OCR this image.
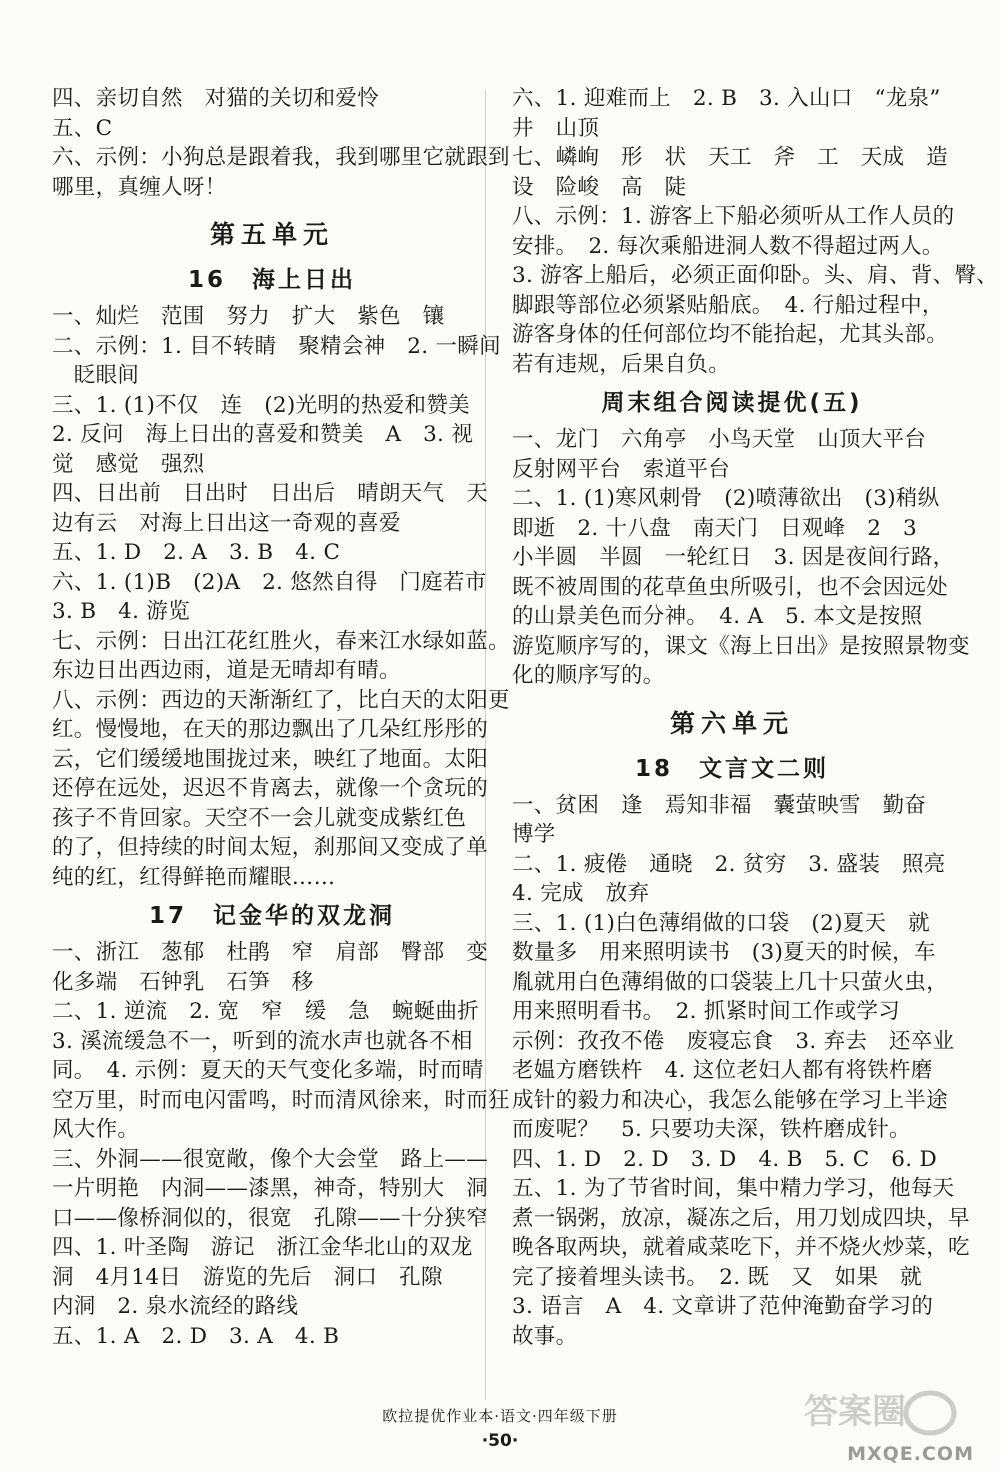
四、亲切自然　对猫的关切和爱怜
五、C
六、示例：小狗总是跟着我，我到哪里它就跟到
哪里，真缠人呀！
第五单元
16　海上日出
一、灿烂　范围　努力　扩大　紫色　镶
二、示例：1. 目不转睛　聚精会神　2. 一瞬间
　眨眼间
三、1. (1)不仅　连　(2)光明的热爱和赞美
2. 反问　海上日出的喜爱和赞美　A　3. 视
觉　感觉　强烈
四、日出前　日出时　日出后　晴朗天气　天
边有云　对海上日出这一奇观的喜爱
五、1. D　2. A　3. B　4. C
六、1. (1)B　(2)A　2. 悠然自得　门庭若市
3. B　4. 游览
七、示例：日出江花红胜火，春来江水绿如蓝。
东边日出西边雨，道是无晴却有晴。
八、示例：西边的天渐渐红了，比白天的太阳更
红。慢慢地，在天的那边飘出了几朵红彤彤的
云，它们缓缓地围拢过来，映红了地面。太阳
还停在远处，迟迟不肯离去，就像一个贪玩的
孩子不肯回家。天空不一会儿就变成紫红色
的了，但持续的时间太短，刹那间又变成了单
纯的红，红得鲜艳而耀眼……
17　记金华的双龙洞
一、浙江　葱郁　杜鹃　窄　肩部　臀部　变
化多端　石钟乳　石笋　移
二、1. 逆流　2. 宽　窄　缓　急　蜿蜒曲折
3. 溪流缓急不一，听到的流水声也就各不相
同。　4. 示例：夏天的天气变化多端，时而晴
空万里，时而电闪雷鸣，时而清风徐来，时而狂
风大作。
三、外洞——很宽敞，像个大会堂　路上——
一片明艳　内洞——漆黑，神奇，特别大　洞
口——像桥洞似的，很宽　孔隙——十分狭窄
四、1. 叶圣陶　游记　浙江金华北山的双龙
洞　4月14日　游览的先后　洞口　孔隙
内洞　2. 泉水流经的路线
五、1. A　2. D　3. A　4. B
六、1. 迎难而上　2. B　3. 入山口　“龙泉”
井　山顶
七、嶙峋　形　状　天工　斧　工　天成　造
设　险峻　高　陡
八、示例：1. 游客上下船必须听从工作人员的
安排。　2. 每次乘船进洞人数不得超过两人。
3. 游客上船后，必须正面仰卧。头、肩、背、臀、
脚跟等部位必须紧贴船底。　4. 行船过程中，
游客身体的任何部位均不能抬起，尤其头部。
若有违规，后果自负。
周末组合阅读提优(五)
一、龙门　六角亭　小鸟天堂　山顶大平台
反射网平台　索道平台
二、1. (1)寒风刺骨　(2)喷薄欲出　(3)稍纵
即逝　2. 十八盘　南天门　日观峰　2　3
小半圆　半圆　一轮红日　3. 因是夜间行路，
既不被周围的花草鱼虫所吸引，也不会因远处
的山景美色而分神。　4. A　5. 本文是按照
游览顺序写的，课文《海上日出》是按照景物变
化的顺序写的。
第六单元
18　文言文二则
一、贫困　逢　焉知非福　囊萤映雪　勤奋
博学
二、1. 疲倦　通晓　2. 贫穷　3. 盛装　照亮
4. 完成　放弃
三、1. (1)白色薄绢做的口袋　(2)夏天　就
数量多　用来照明读书　(3)夏天的时候，车
胤就用白色薄绢做的口袋装上几十只萤火虫，
用来照明看书。　2. 抓紧时间工作或学习
示例：孜孜不倦　废寝忘食　3. 弃去　还卒业
老媪方磨铁杵　4. 这位老妇人都有将铁杵磨
成针的毅力和决心，我怎么能够在学习上半途
而废呢？　5. 只要功夫深，铁杵磨成针。
四、1. D　2. D　3. D　4. B　5. C　6. D
五、1. 为了节省时间，集中精力学习，他每天
煮一锅粥，放凉，凝冻之后，用刀划成四块，早
晚各取两块，就着咸菜吃下，并不烧火炒菜，吃
完了接着埋头读书。　2. 既　又　如果　就
3. 语言　A　4. 文章讲了范仲淹勤奋学习的
故事。
欧拉提优作业本·语文·四年级下册
·50·
答案圈
MXQE.COM
